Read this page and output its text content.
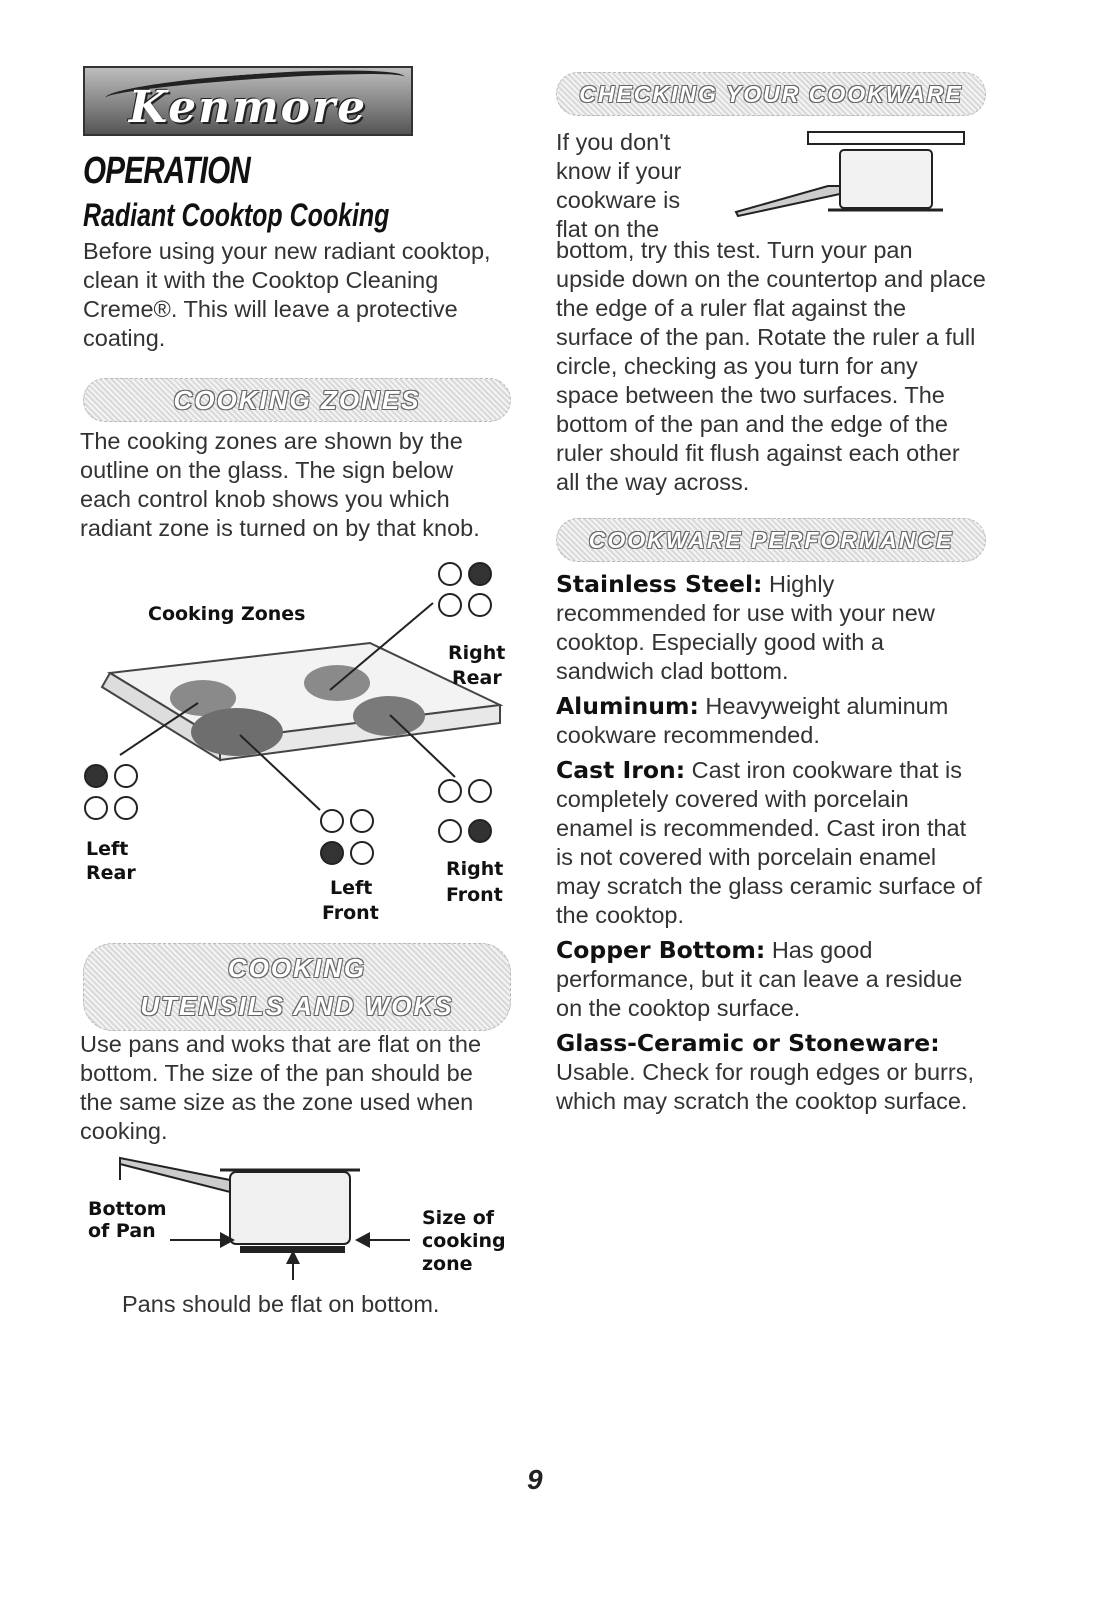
Kenmore
OPERATION
Radiant Cooktop Cooking
Before using your new radiant cooktop, clean it with the Cooktop Cleaning Creme®. This will leave a protective coating.
COOKING ZONES
The cooking zones are shown by the outline on the glass. The sign below each control knob shows you which radiant zone is turned on by that knob.
Cooking Zones
Right
Rear
Left
Rear
Left
Front
Right
Front
COOKING
UTENSILS AND WOKS
Use pans and woks that are flat on the bottom. The size of the pan should be the same size as the zone used when cooking.
Bottom
of Pan
Size of
cooking
zone
Pans should be flat on bottom.
CHECKING YOUR COOKWARE
If you don't
know if your
cookware is
flat on the
bottom, try this test. Turn your pan upside down on the countertop and place the edge of a ruler flat against the surface of the pan. Rotate the ruler a full circle, checking as you turn for any space between the two surfaces. The bottom of the pan and the edge of the ruler should fit flush against each other all the way across.
COOKWARE PERFORMANCE
Stainless Steel: Highly recommended for use with your new cooktop. Especially good with a sandwich clad bottom.
Aluminum: Heavyweight aluminum cookware recommended.
Cast Iron: Cast iron cookware that is completely covered with porcelain enamel is recommended. Cast iron that is not covered with porcelain enamel may scratch the glass ceramic surface of the cooktop.
Copper Bottom: Has good performance, but it can leave a residue on the cooktop surface.
Glass-Ceramic or Stoneware: Usable. Check for rough edges or burrs, which may scratch the cooktop surface.
9
